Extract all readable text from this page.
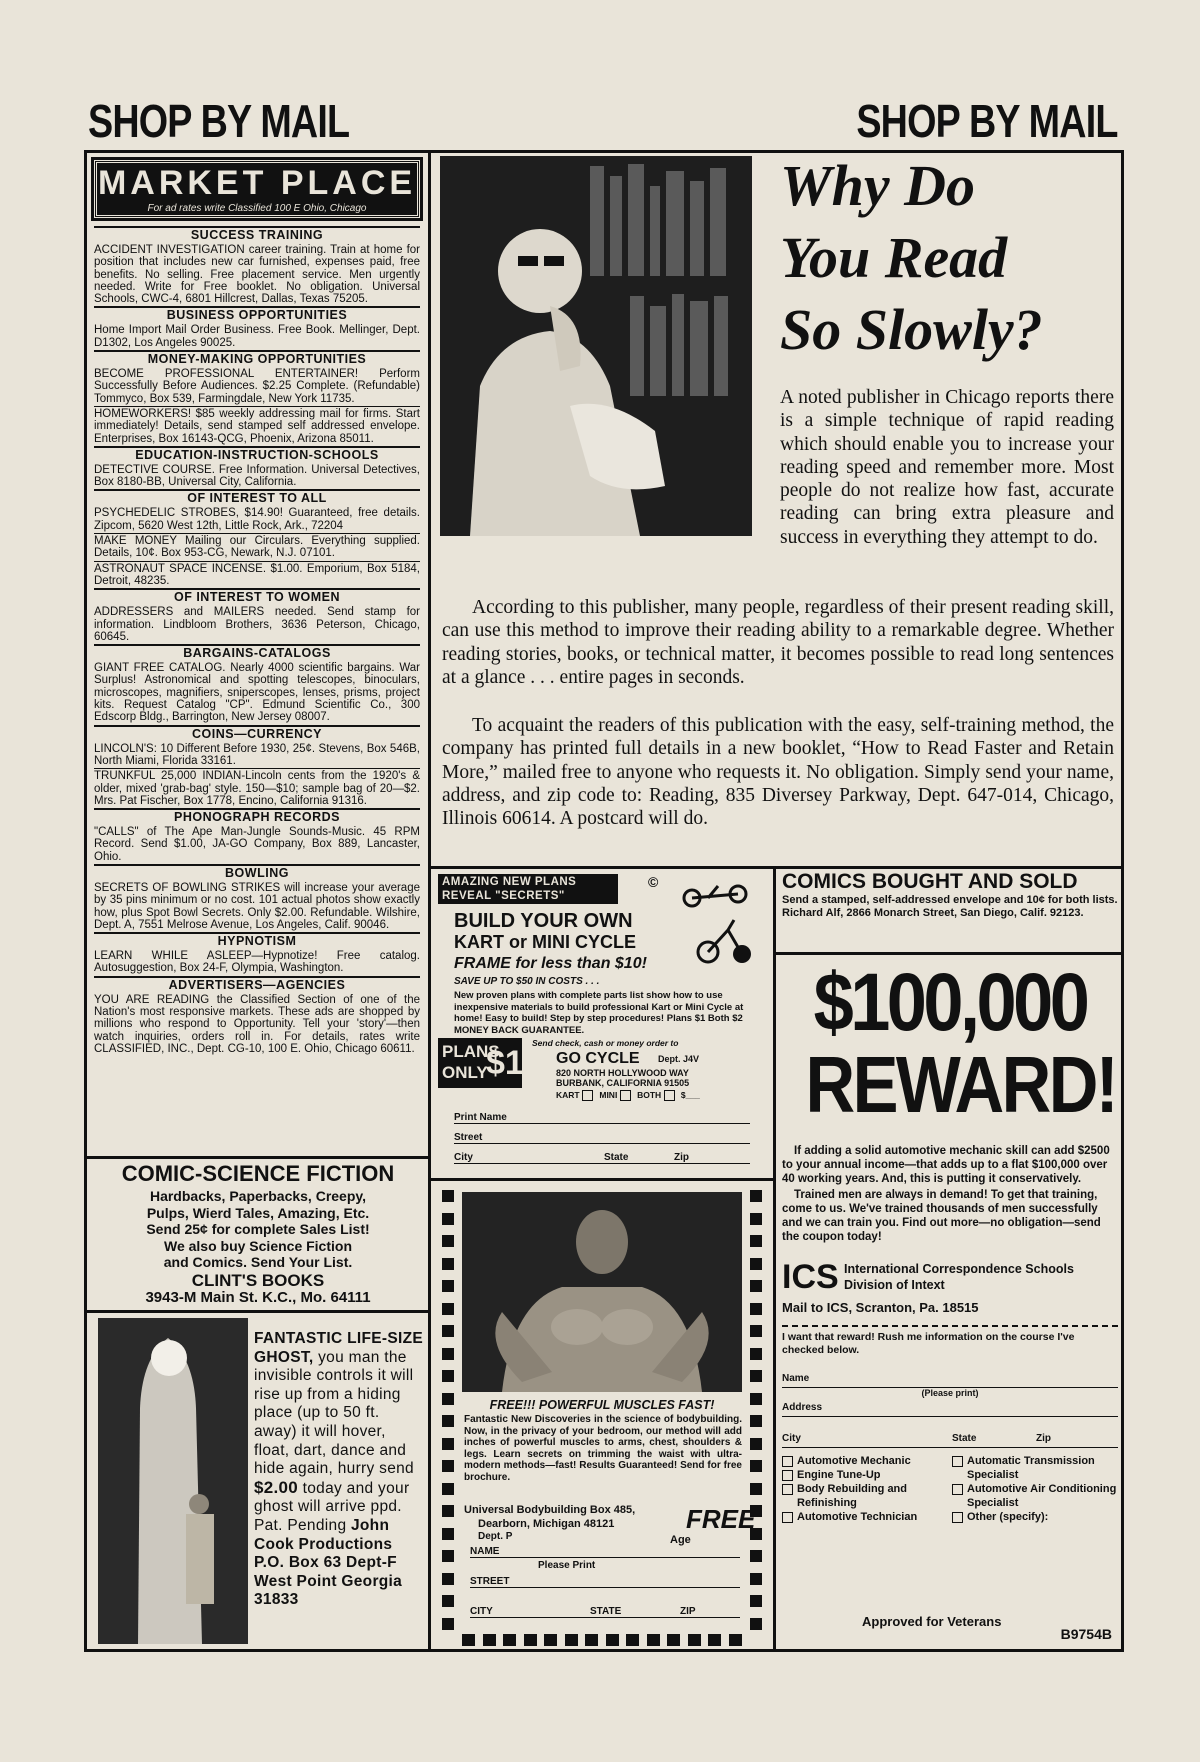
SHOP BY MAIL	SHOP BY MAIL
MARKET PLACE
For ad rates write Classified 100 E Ohio, Chicago
SUCCESS TRAINING
ACCIDENT INVESTIGATION career training. Train at home for position that includes new car furnished, expenses paid, free benefits. No selling. Free placement service. Men urgently needed. Write for Free booklet. No obligation. Universal Schools, CWC-4, 6801 Hillcrest, Dallas, Texas 75205.
BUSINESS OPPORTUNITIES
Home Import Mail Order Business. Free Book. Mellinger, Dept. D1302, Los Angeles 90025.
MONEY-MAKING OPPORTUNITIES
BECOME PROFESSIONAL ENTERTAINER! Perform Successfully Before Audiences. $2.25 Complete. (Refundable) Tommyco, Box 539, Farmingdale, New York 11735.
HOMEWORKERS! $85 weekly addressing mail for firms. Start immediately! Details, send stamped self addressed envelope. Enterprises, Box 16143-QCG, Phoenix, Arizona 85011.
EDUCATION-INSTRUCTION-SCHOOLS
DETECTIVE COURSE. Free Information. Universal Detectives, Box 8180-BB, Universal City, California.
OF INTEREST TO ALL
PSYCHEDELIC STROBES, $14.90! Guaranteed, free details. Zipcom, 5620 West 12th, Little Rock, Ark., 72204
MAKE MONEY Mailing our Circulars. Everything supplied. Details, 10¢. Box 953-CG, Newark, N.J. 07101.
ASTRONAUT SPACE INCENSE. $1.00. Emporium, Box 5184, Detroit, 48235.
OF INTEREST TO WOMEN
ADDRESSERS and MAILERS needed. Send stamp for information. Lindbloom Brothers, 3636 Peterson, Chicago, 60645.
BARGAINS-CATALOGS
GIANT FREE CATALOG. Nearly 4000 scientific bargains. War Surplus! Astronomical and spotting telescopes, binoculars, microscopes, magnifiers, sniperscopes, lenses, prisms, project kits. Request Catalog "CP". Edmund Scientific Co., 300 Edscorp Bldg., Barrington, New Jersey 08007.
COINS—CURRENCY
LINCOLN'S: 10 Different Before 1930, 25¢. Stevens, Box 546B, North Miami, Florida 33161.
TRUNKFUL 25,000 INDIAN-Lincoln cents from the 1920's & older, mixed 'grab-bag' style. 150—$10; sample bag of 20—$2. Mrs. Pat Fischer, Box 1778, Encino, California 91316.
PHONOGRAPH RECORDS
"CALLS" of The Ape Man-Jungle Sounds-Music. 45 RPM Record. Send $1.00, JA-GO Company, Box 889, Lancaster, Ohio.
BOWLING
SECRETS OF BOWLING STRIKES will increase your average by 35 pins minimum or no cost. 101 actual photos show exactly how, plus Spot Bowl Secrets. Only $2.00. Refundable. Wilshire, Dept. A, 7551 Melrose Avenue, Los Angeles, Calif. 90046.
HYPNOTISM
LEARN WHILE ASLEEP—Hypnotize! Free catalog. Autosuggestion, Box 24-F, Olympia, Washington.
ADVERTISERS—AGENCIES
YOU ARE READING the Classified Section of one of the Nation's most responsive markets. These ads are shopped by millions who respond to Opportunity. Tell your 'story'—then watch inquiries, orders roll in. For details, rates write CLASSIFIED, INC., Dept. CG-10, 100 E. Ohio, Chicago 60611.
COMIC-SCIENCE FICTION
Hardbacks, Paperbacks, Creepy,
Pulps, Wierd Tales, Amazing, Etc.
Send 25¢ for complete Sales List!
We also buy Science Fiction
and Comics. Send Your List.
CLINT'S BOOKS
3943-M Main St. K.C., Mo. 64111
FANTASTIC LIFE-SIZE GHOST, you man the invisible controls it will rise up from a hiding place (up to 50 ft. away) it will hover, float, dart, dance and hide again, hurry send $2.00 today and your ghost will arrive ppd. Pat. Pending John Cook Productions P.O. Box 63 Dept-F West Point Georgia 31833
Why Do
You Read
So Slowly?
A noted publisher in Chicago reports there is a simple technique of rapid reading which should enable you to increase your reading speed and remember more. Most people do not realize how fast, accurate reading can bring extra pleasure and success in everything they attempt to do.
According to this publisher, many people, regardless of their present reading skill, can use this method to improve their reading ability to a remarkable degree. Whether reading stories, books, or technical matter, it becomes possible to read long sentences at a glance . . . entire pages in seconds.
To acquaint the readers of this publication with the easy, self-training method, the company has printed full details in a new booklet, “How to Read Faster and Retain More,” mailed free to anyone who requests it. No obligation. Simply send your name, address, and zip code to: Reading, 835 Diversey Parkway, Dept. 647-014, Chicago, Illinois 60614. A postcard will do.
AMAZING NEW PLANS
REVEAL "SECRETS"
©
BUILD YOUR OWN
KART or MINI CYCLE
FRAME for less than $10!
SAVE UP TO $50 IN COSTS . . .
New proven plans with complete parts list show how to use inexpensive materials to build professional Kart or Mini Cycle at home! Easy to build! Step by step procedures! Plans $1 Both $2 MONEY BACK GUARANTEE.
PLANS ONLY
$1
Send check, cash or money order to
GO CYCLE Dept. J4V
820 NORTH HOLLYWOOD WAY
BURBANK, CALIFORNIA 91505
KART MINI BOTH $___
Print Name
Street
City	State	Zip
FREE!!! POWERFUL MUSCLES FAST!
Fantastic New Discoveries in the science of bodybuilding. Now, in the privacy of your bedroom, our method will add inches of powerful muscles to arms, chest, shoulders & legs. Learn secrets on trimming the waist with ultra-modern methods—fast! Results Guaranteed! Send for free brochure.
Universal Bodybuilding Box 485,
Dearborn, Michigan 48121
Dept. P
FREE
NAME
Age
Please Print
STREET
CITY	STATE	ZIP
COMICS BOUGHT AND SOLD
Send a stamped, self-addressed envelope and 10¢ for both lists. Richard Alf, 2866 Monarch Street, San Diego, Calif. 92123.
$100,000
REWARD!
If adding a solid automotive mechanic skill can add $2500 to your annual income—that adds up to a flat $100,000 over 40 working years. And, this is putting it conservatively.
Trained men are always in demand! To get that training, come to us. We've trained thousands of men successfully and we can train you. Find out more—no obligation—send the coupon today!
ICS International Correspondence Schools
Division of Intext
Mail to ICS, Scranton, Pa. 18515
I want that reward! Rush me information on the course I've checked below.
Name
(Please print)
Address
City	State	Zip
Automotive Mechanic
Engine Tune-Up
Body Rebuilding and Refinishing
Automotive Technician
Automatic Transmission Specialist
Automotive Air Conditioning Specialist
Other (specify):
Approved for Veterans
B9754B
